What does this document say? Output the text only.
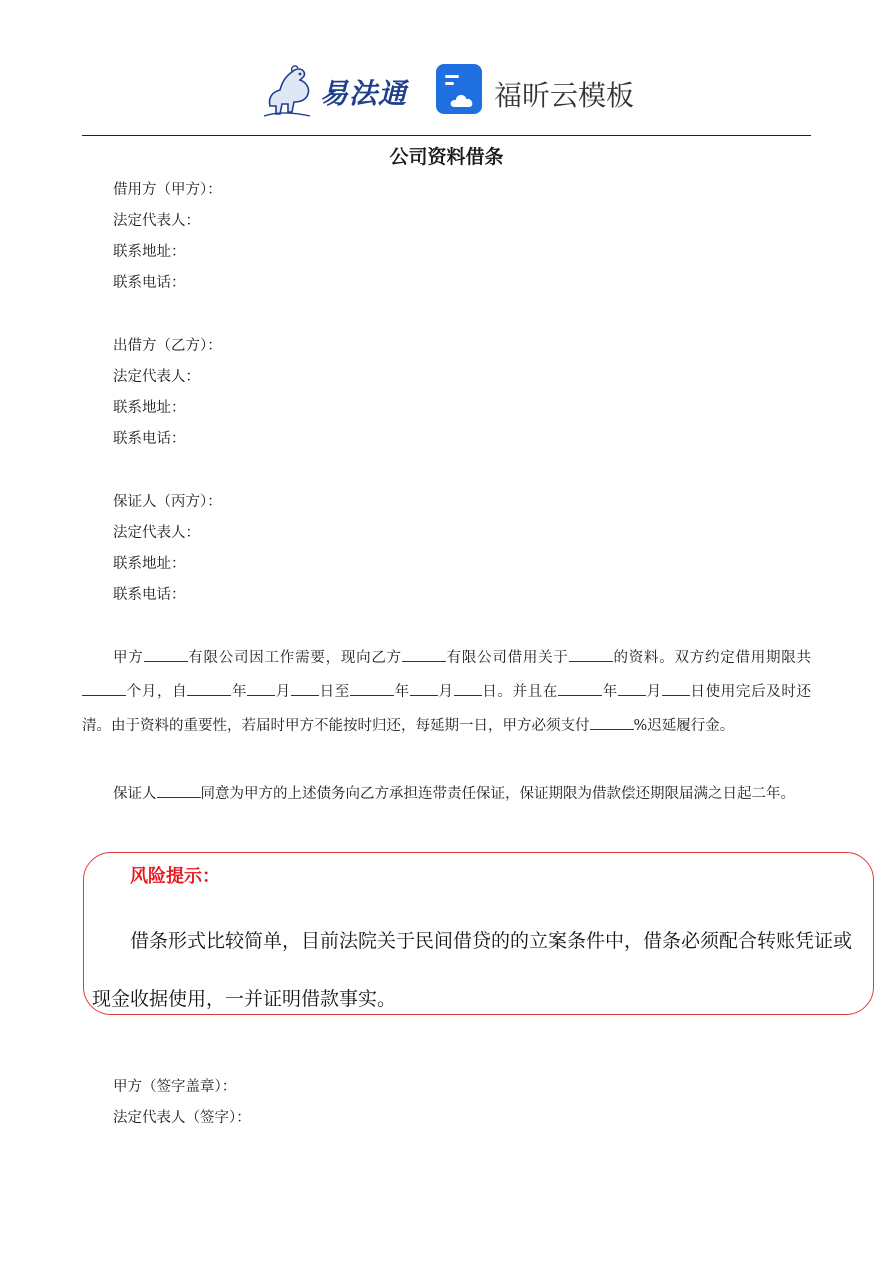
易法通	福昕云模板
公司资料借条
借用方（甲方）：
法定代表人：
联系地址：
联系电话：
出借方（乙方）：
法定代表人：
联系地址：
联系电话：
保证人（丙方）：
法定代表人：
联系地址：
联系电话：
甲方	有限公司因工作需要，现向乙方	有限公司借用关于	的资料。双方约定借用期限共个月，自	年 月 日至	年 月 日。并且在	年 月 日使用完后及时还清。由于资料的重要性，若届时甲方不能按时归还，每延期一日，甲方必须支付	%迟延履行金。
保证人	同意为甲方的上述债务向乙方承担连带责任保证，保证期限为借款偿还期限届满之日起二年。
风险提示：
借条形式比较简单，目前法院关于民间借贷的的立案条件中，借条必须配合转账凭证或现金收据使用，一并证明借款事实。
甲方（签字盖章）：
法定代表人（签字）：
